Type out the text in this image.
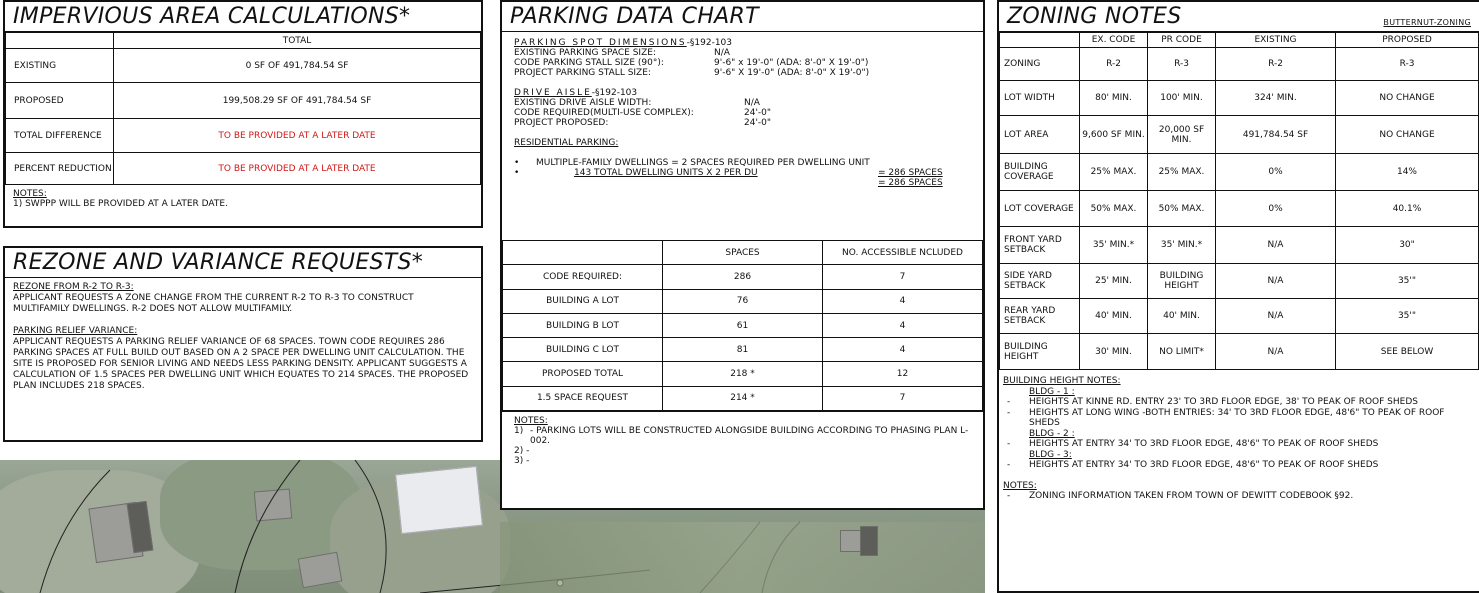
IMPERVIOUS AREA CALCULATIONS*
	TOTAL
EXISTING	0 SF OF 491,784.54 SF
PROPOSED	199,508.29 SF OF 491,784.54 SF
TOTAL DIFFERENCE	TO BE PROVIDED AT A LATER DATE
PERCENT REDUCTION	TO BE PROVIDED AT A LATER DATE
NOTES:
1) SWPPP WILL BE PROVIDED AT A LATER DATE.
REZONE AND VARIANCE REQUESTS*

REZONE FROM R-2 TO R-3:

APPLICANT REQUESTS A ZONE CHANGE FROM THE CURRENT R-2 TO R-3 TO CONSTRUCT MULTIFAMILY DWELLINGS. R-2 DOES NOT ALLOW MULTIFAMILY.

PARKING RELIEF VARIANCE:

APPLICANT REQUESTS A PARKING RELIEF VARIANCE OF 68 SPACES. TOWN CODE REQUIRES 286 PARKING SPACES AT FULL BUILD OUT BASED ON A 2 SPACE PER DWELLING UNIT CALCULATION. THE SITE IS PROPOSED FOR SENIOR LIVING AND NEEDS LESS PARKING DENSITY. APPLICANT SUGGESTS A CALCULATION OF 1.5 SPACES PER DWELLING UNIT WHICH EQUATES TO 214 SPACES. THE PROPOSED PLAN INCLUDES 218 SPACES.

PARKING DATA CHART
PARKING SPOT DIMENSIONS-§192-103
EXISTING PARKING SPACE SIZE:	N/A
CODE PARKING STALL SIZE (90°):	9'-6" x 19'-0" (ADA: 8'-0" X 19'-0")
PROJECT PARKING STALL SIZE:	9'-6" X 19'-0" (ADA: 8'-0" X 19'-0")
DRIVE AISLE-§192-103
EXISTING DRIVE AISLE WIDTH:	N/A
CODE REQUIRED(MULTI-USE COMPLEX):	24'-0"
PROJECT PROPOSED:	24'-0"
RESIDENTIAL PARKING:
•	MULTIPLE-FAMILY DWELLINGS = 2 SPACES REQUIRED PER DWELLING UNIT
•	143 TOTAL DWELLING UNITS X 2 PER DU	= 286 SPACES
= 286 SPACES
	SPACES	NO. ACCESSIBLE NCLUDED
CODE REQUIRED:	286	7
BUILDING A LOT	76	4
BUILDING B LOT	61	4
BUILDING C LOT	81	4
PROPOSED TOTAL	218 *	12
1.5 SPACE REQUEST	214 *	7
NOTES:
1) - PARKING LOTS WILL BE CONSTRUCTED ALONGSIDE BUILDING ACCORDING TO PHASING PLAN L-002.
2) -
3) -
ZONING NOTES	BUTTERNUT-ZONING
	EX. CODE	PR CODE	EXISTING	PROPOSED
ZONING	R-2	R-3	R-2	R-3
LOT WIDTH	80' MIN.	100' MIN.	324' MIN.	NO CHANGE
LOT AREA	9,600 SF MIN.	20,000 SF MIN.	491,784.54 SF	NO CHANGE
BUILDING COVERAGE	25% MAX.	25% MAX.	0%	14%
LOT COVERAGE	50% MAX.	50% MAX.	0%	40.1%
FRONT YARD SETBACK	35' MIN.*	35' MIN.*	N/A	30"
SIDE YARD SETBACK	25' MIN.	BUILDING HEIGHT	N/A	35'"
REAR YARD SETBACK	40' MIN.	40' MIN.	N/A	35'"
BUILDING HEIGHT	30' MIN.	NO LIMIT*	N/A	SEE BELOW
BUILDING HEIGHT NOTES:
BLDG - 1 :
-	HEIGHTS AT KINNE RD. ENTRY 23' TO 3RD FLOOR EDGE, 38' TO PEAK OF ROOF SHEDS
-	HEIGHTS AT LONG WING -BOTH ENTRIES: 34' TO 3RD FLOOR EDGE, 48'6" TO PEAK OF ROOF SHEDS
BLDG - 2 :
-	HEIGHTS AT ENTRY 34' TO 3RD FLOOR EDGE, 48'6" TO PEAK OF ROOF SHEDS
BLDG - 3:
-	HEIGHTS AT ENTRY 34' TO 3RD FLOOR EDGE, 48'6" TO PEAK OF ROOF SHEDS
NOTES:
-	ZONING INFORMATION TAKEN FROM TOWN OF DEWITT CODEBOOK §92.
